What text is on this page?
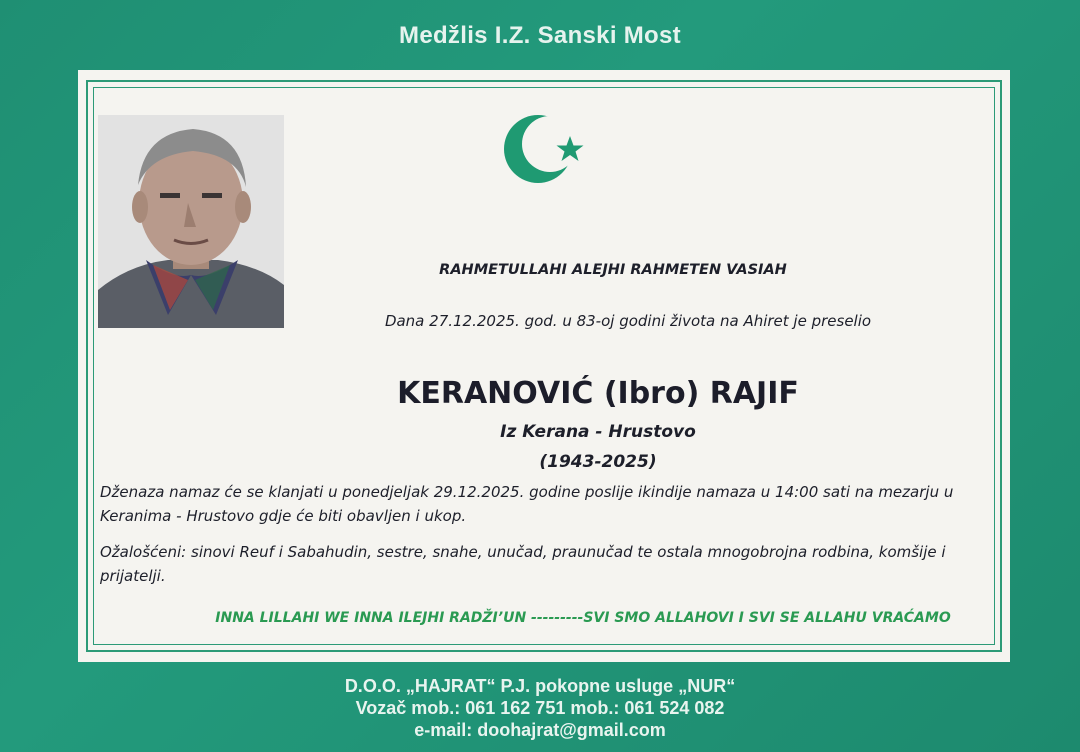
Medžlis I.Z. Sanski Most
RAHMETULLAHI ALEJHI RAHMETEN VASIAH
Dana 27.12.2025. god. u 83-oj godini života na Ahiret je preselio
KERANOVIĆ (Ibro) RAJIF
Iz Kerana - Hrustovo
(1943-2025)
Dženaza namaz će se klanjati u ponedjeljak 29.12.2025. godine poslije ikindije namaza u 14:00 sati na mezarju u Keranima - Hrustovo gdje će biti obavljen i ukop.
Ožalošćeni: sinovi Reuf i Sabahudin, sestre, snahe, unučad, praunučad te ostala mnogobrojna rodbina, komšije i prijatelji.
INNA LILLAHI WE INNA ILEJHI RADŽI’UN ---------SVI SMO ALLAHOVI I SVI SE ALLAHU VRAĆAMO
D.O.O. „HAJRAT“ P.J. pokopne usluge „NUR“
Vozač mob.: 061 162 751 mob.: 061 524 082
e-mail: doohajrat@gmail.com
